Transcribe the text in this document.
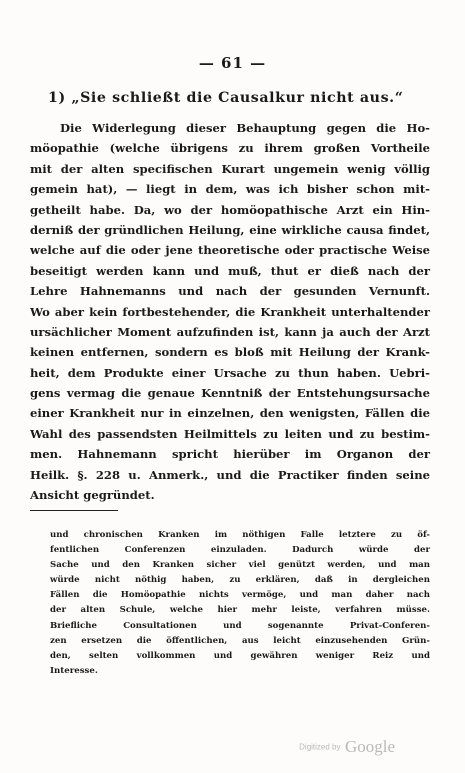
— 61 —
1) „Sie schließt die Causalkur nicht aus.“
Die Widerlegung dieser Behauptung gegen die Ho-
möopathie (welche übrigens zu ihrem großen Vortheile
mit der alten specifischen Kurart ungemein wenig völlig
gemein hat), — liegt in dem, was ich bisher schon mit-
getheilt habe. Da, wo der homöopathische Arzt ein Hin-
derniß der gründlichen Heilung, eine wirkliche causa findet,
welche auf die oder jene theoretische oder practische Weise
beseitigt werden kann und muß, thut er dieß nach der
Lehre Hahnemanns und nach der gesunden Vernunft.
Wo aber kein fortbestehender, die Krankheit unterhaltender
ursächlicher Moment aufzufinden ist, kann ja auch der Arzt
keinen entfernen, sondern es bloß mit Heilung der Krank-
heit, dem Produkte einer Ursache zu thun haben. Uebri-
gens vermag die genaue Kenntniß der Entstehungsursache
einer Krankheit nur in einzelnen, den wenigsten, Fällen die
Wahl des passendsten Heilmittels zu leiten und zu bestim-
men. Hahnemann spricht hierüber im Organon der
Heilk. §. 228 u. Anmerk., und die Practiker finden seine
Ansicht gegründet.
und chronischen Kranken im nöthigen Falle letztere zu öf-
fentlichen Conferenzen einzuladen. Dadurch würde der
Sache und den Kranken sicher viel genützt werden, und man
würde nicht nöthig haben, zu erklären, daß in dergleichen
Fällen die Homöopathie nichts vermöge, und man daher nach
der alten Schule, welche hier mehr leiste, verfahren müsse.
Briefliche Consultationen und sogenannte Privat-Conferen-
zen ersetzen die öffentlichen, aus leicht einzusehenden Grün-
den, selten vollkommen und gewähren weniger Reiz und
Interesse.
Digitized by Google
